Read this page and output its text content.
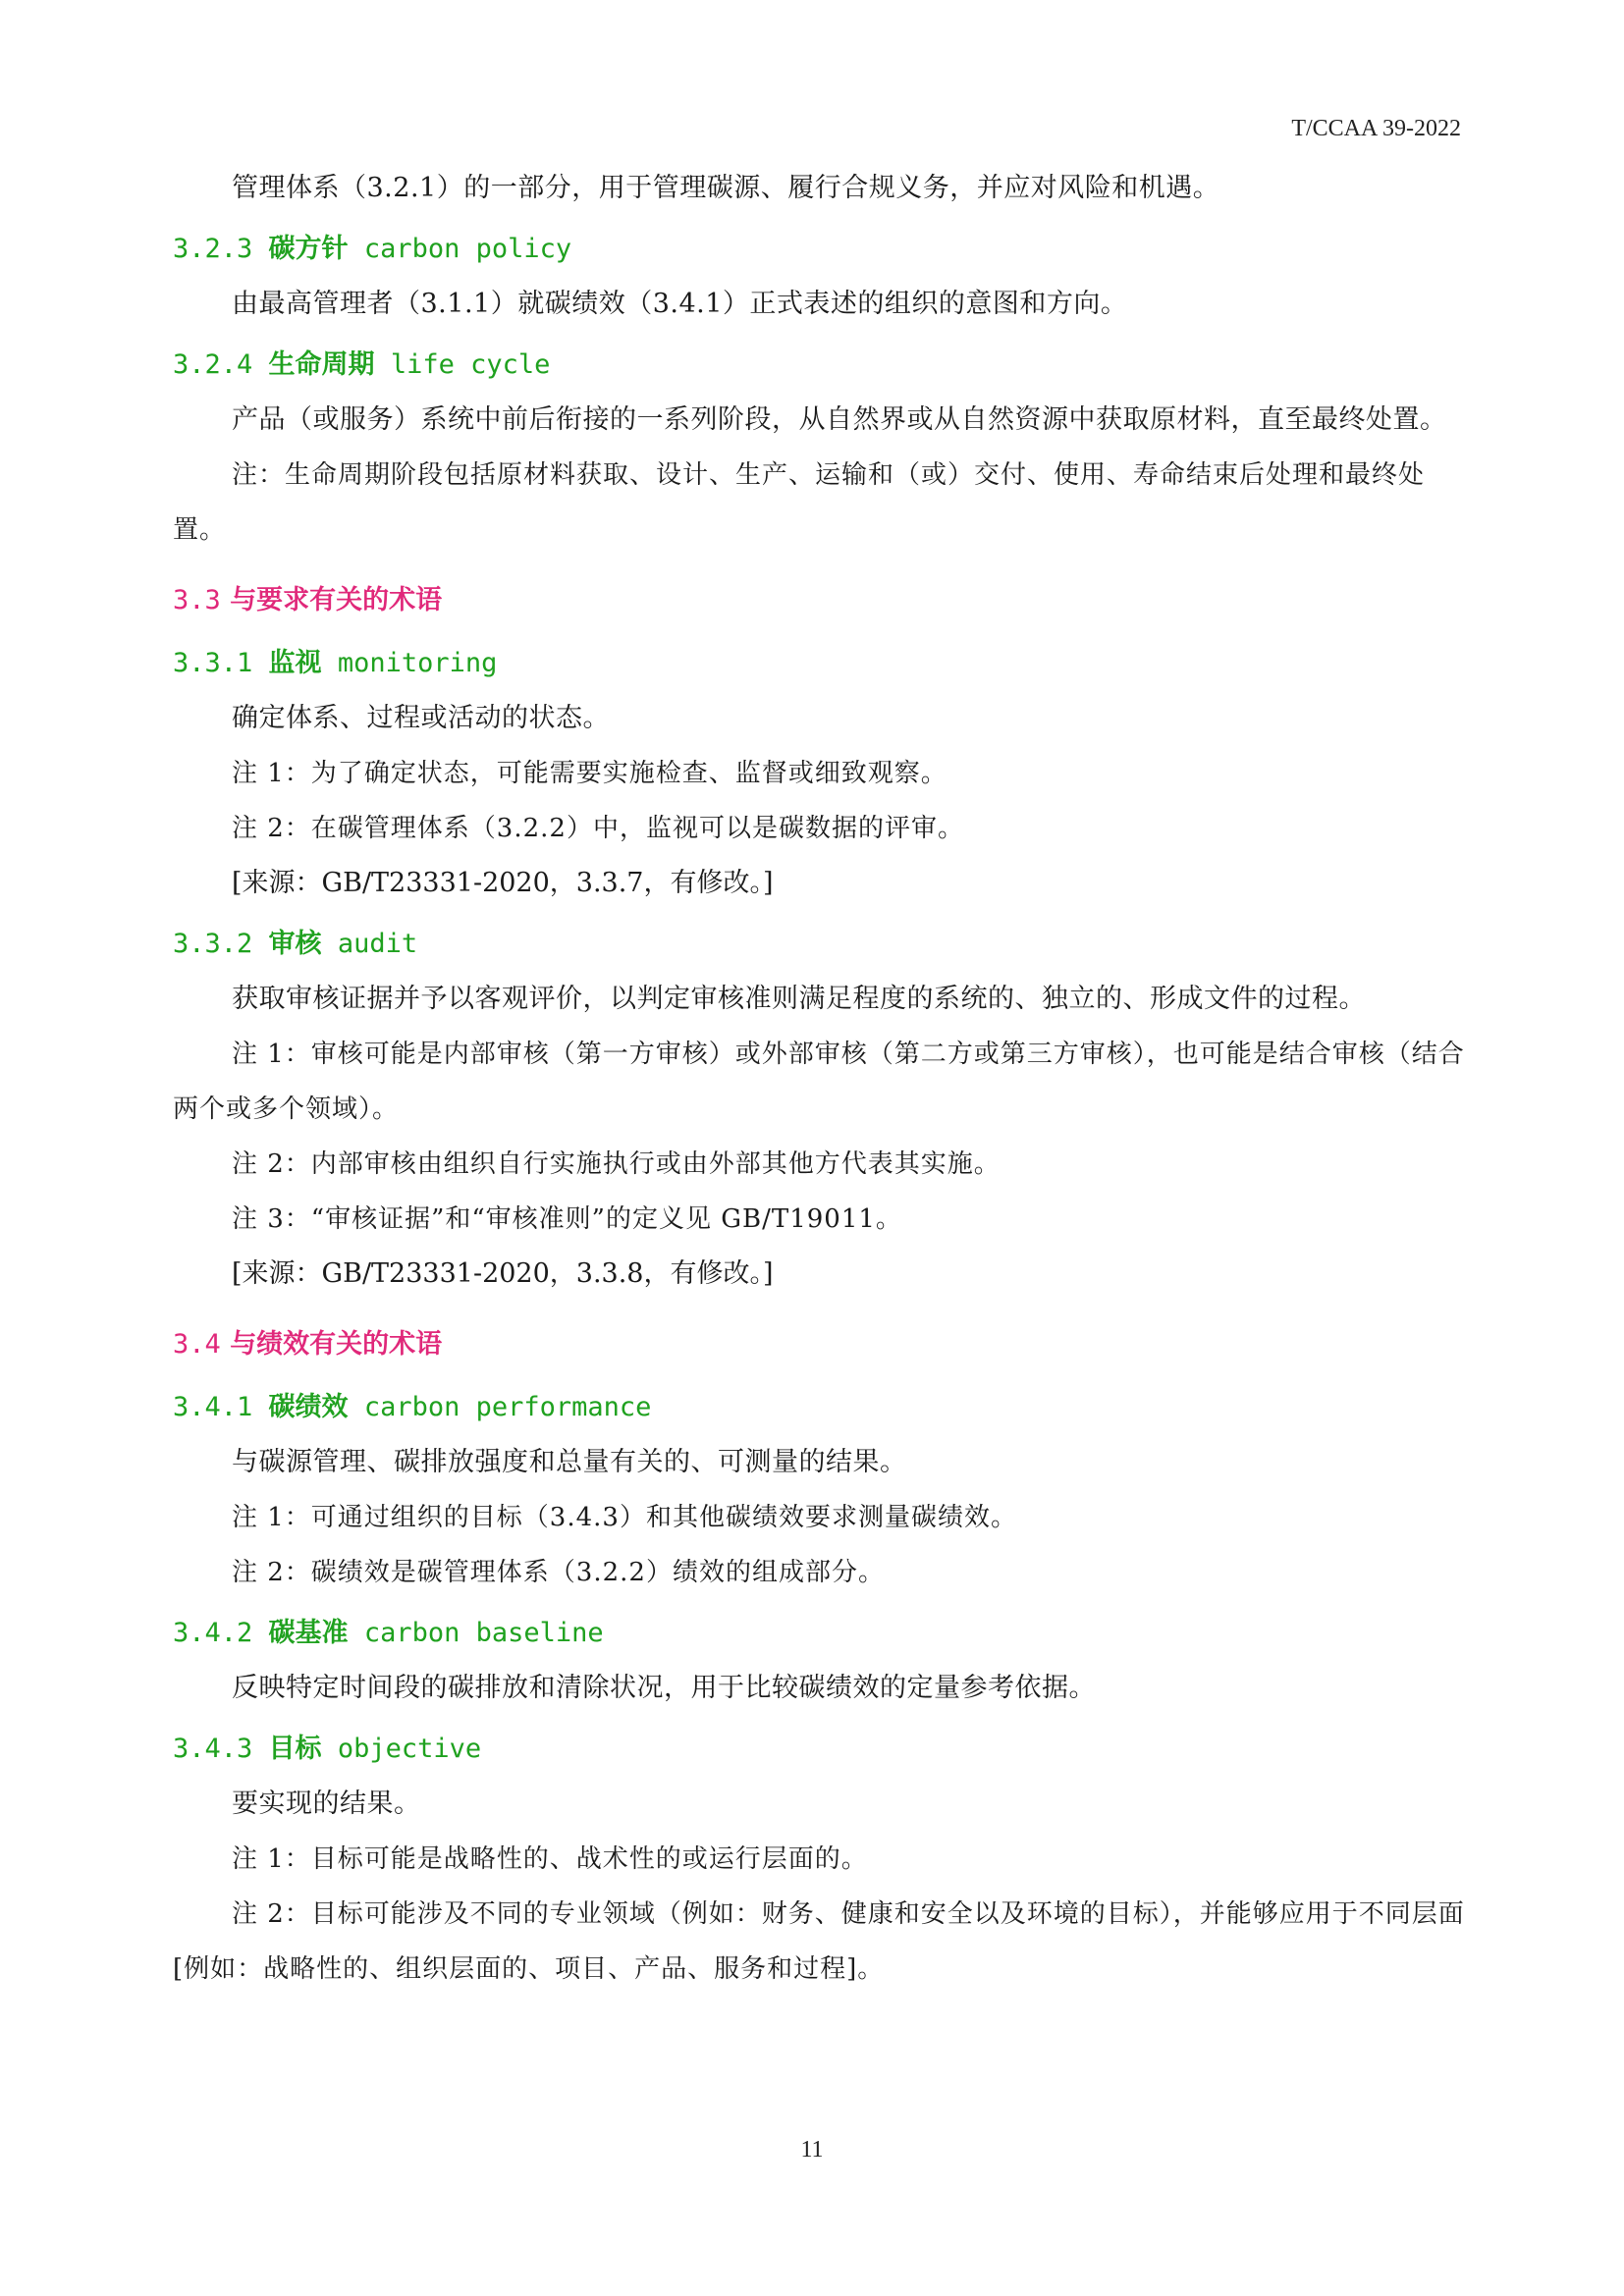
T/CCAA 39-2022

管理体系（3.2.1）的一部分，用于管理碳源、履行合规义务，并应对风险和机遇。

3.2.3 碳方针 carbon policy

由最高管理者（3.1.1）就碳绩效（3.4.1）正式表述的组织的意图和方向。

3.2.4 生命周期 life cycle

产品（或服务）系统中前后衔接的一系列阶段，从自然界或从自然资源中获取原材料，直至最终处置。

注：生命周期阶段包括原材料获取、设计、生产、运输和（或）交付、使用、寿命结束后处理和最终处置。

3.3 与要求有关的术语
3.3.1 监视 monitoring

确定体系、过程或活动的状态。

注 1：为了确定状态，可能需要实施检查、监督或细致观察。

注 2：在碳管理体系（3.2.2）中，监视可以是碳数据的评审。

[来源：GB/T23331-2020，3.3.7，有修改。]

3.3.2 审核 audit

获取审核证据并予以客观评价，以判定审核准则满足程度的系统的、独立的、形成文件的过程。

注 1：审核可能是内部审核（第一方审核）或外部审核（第二方或第三方审核），也可能是结合审核（结合两个或多个领域）。

注 2：内部审核由组织自行实施执行或由外部其他方代表其实施。

注 3：“审核证据”和“审核准则”的定义见 GB/T19011。

[来源：GB/T23331-2020，3.3.8，有修改。]

3.4 与绩效有关的术语
3.4.1 碳绩效 carbon performance

与碳源管理、碳排放强度和总量有关的、可测量的结果。

注 1：可通过组织的目标（3.4.3）和其他碳绩效要求测量碳绩效。

注 2：碳绩效是碳管理体系（3.2.2）绩效的组成部分。

3.4.2 碳基准 carbon baseline

反映特定时间段的碳排放和清除状况，用于比较碳绩效的定量参考依据。

3.4.3 目标 objective

要实现的结果。

注 1：目标可能是战略性的、战术性的或运行层面的。

注 2：目标可能涉及不同的专业领域（例如：财务、健康和安全以及环境的目标），并能够应用于不同层面[例如：战略性的、组织层面的、项目、产品、服务和过程]。

11
